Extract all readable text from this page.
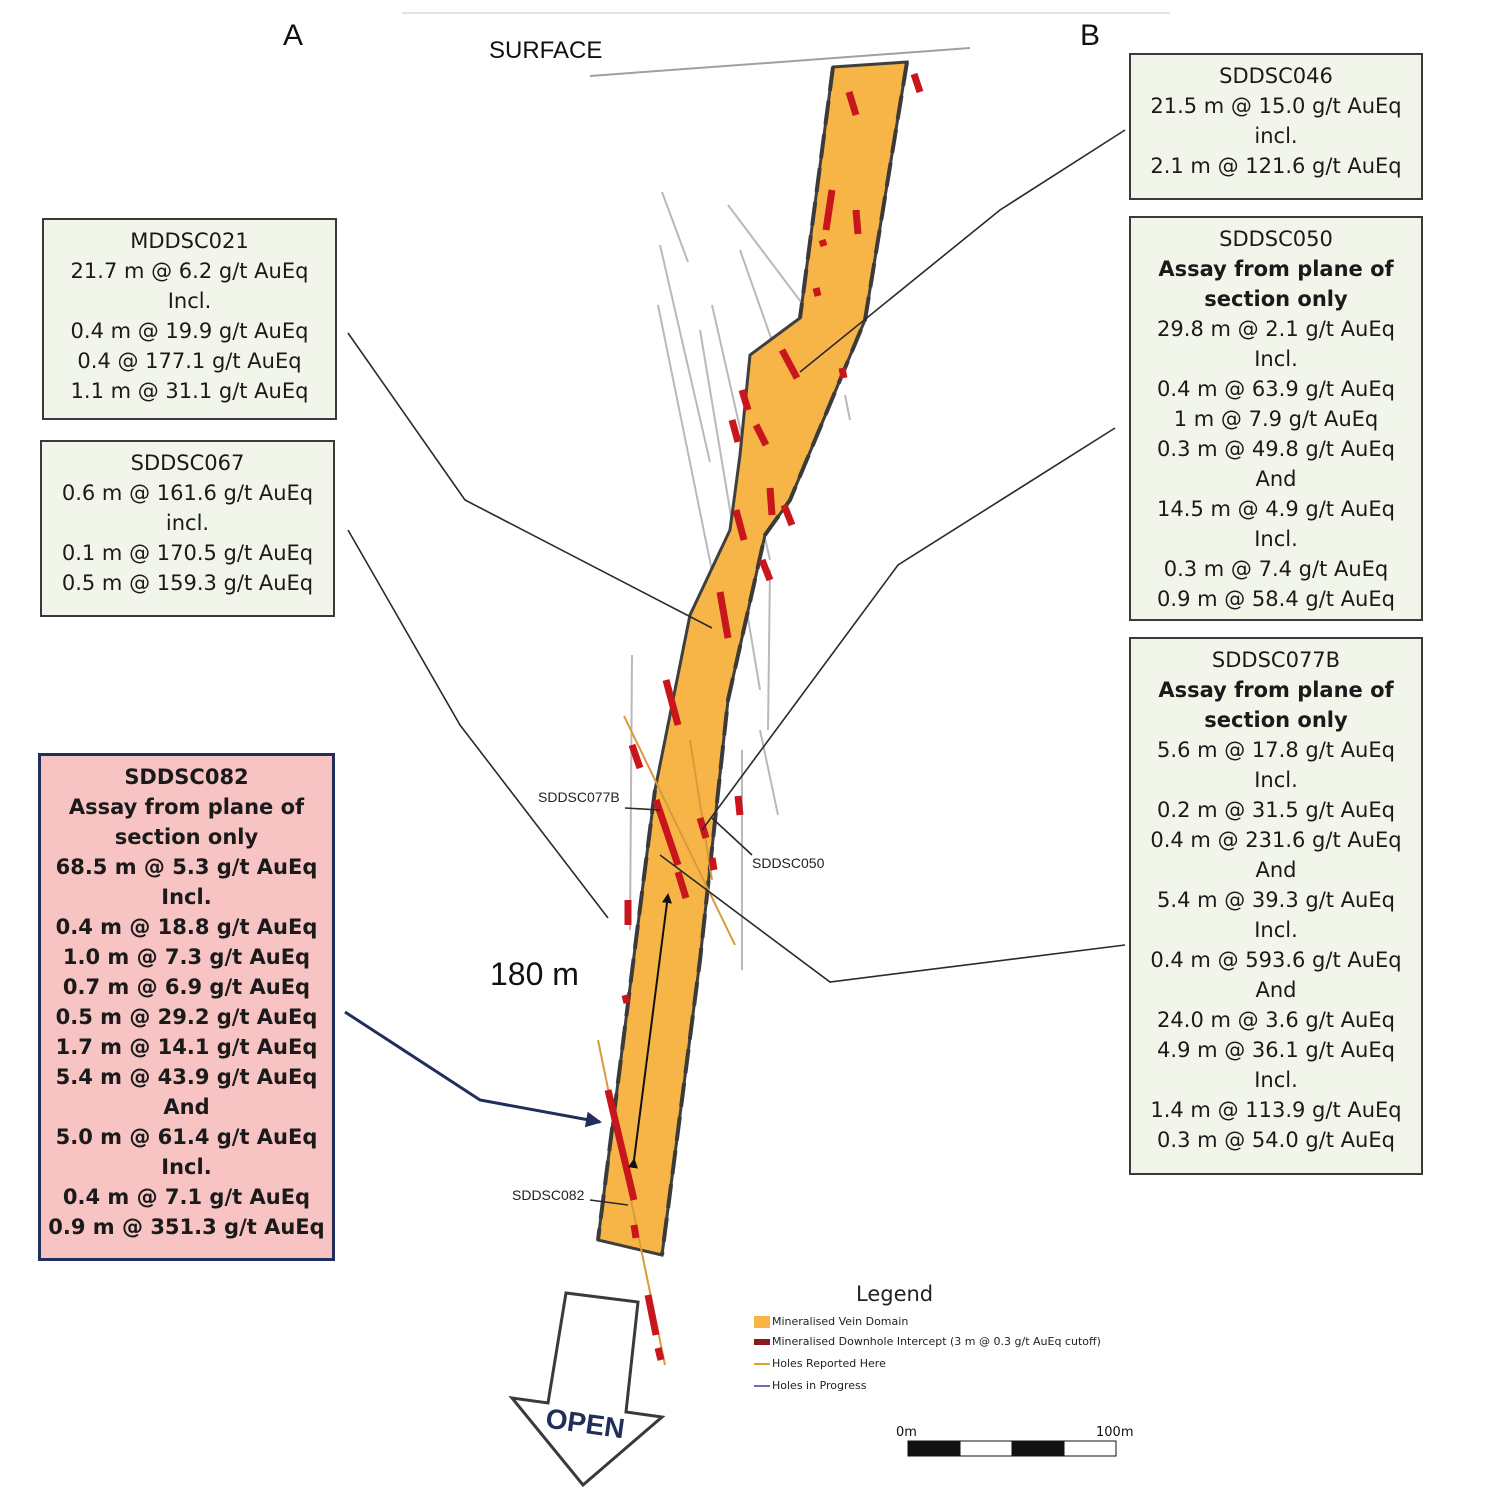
OPEN	0m	100m
A	B
SURFACE
SDDSC077B
SDDSC050
SDDSC082
180 m
SDDSC046
21.5 m @ 15.0 g/t AuEq
incl.
2.1 m @ 121.6 g/t AuEq
MDDSC021
21.7 m @ 6.2 g/t AuEq
Incl.
0.4 m @ 19.9 g/t AuEq
0.4 @ 177.1 g/t AuEq
1.1 m @ 31.1 g/t AuEq
SDDSC067
0.6 m @ 161.6 g/t AuEq
incl.
0.1 m @ 170.5 g/t AuEq
0.5 m @ 159.3 g/t AuEq
SDDSC050
Assay from plane of
section only
29.8 m @ 2.1 g/t AuEq
Incl.
0.4 m @ 63.9 g/t AuEq
1 m @ 7.9 g/t AuEq
0.3 m @ 49.8 g/t AuEq
And
14.5 m @ 4.9 g/t AuEq
Incl.
0.3 m @ 7.4 g/t AuEq
0.9 m @ 58.4 g/t AuEq
SDDSC077B
Assay from plane of
section only
5.6 m @ 17.8 g/t AuEq
Incl.
0.2 m @ 31.5 g/t AuEq
0.4 m @ 231.6 g/t AuEq
And
5.4 m @ 39.3 g/t AuEq
Incl.
0.4 m @ 593.6 g/t AuEq
And
24.0 m @ 3.6 g/t AuEq
4.9 m @ 36.1 g/t AuEq
Incl.
1.4 m @ 113.9 g/t AuEq
0.3 m @ 54.0 g/t AuEq
SDDSC082
Assay from plane of
section only
68.5 m @ 5.3 g/t AuEq
Incl.
0.4 m @ 18.8 g/t AuEq
1.0 m @ 7.3 g/t AuEq
0.7 m @ 6.9 g/t AuEq
0.5 m @ 29.2 g/t AuEq
1.7 m @ 14.1 g/t AuEq
5.4 m @ 43.9 g/t AuEq
And
5.0 m @ 61.4 g/t AuEq
Incl.
0.4 m @ 7.1 g/t AuEq
0.9 m @ 351.3 g/t AuEq
Legend
Mineralised Vein Domain
Mineralised Downhole Intercept (3 m @ 0.3 g/t AuEq cutoff)
Holes Reported Here
Holes in Progress
